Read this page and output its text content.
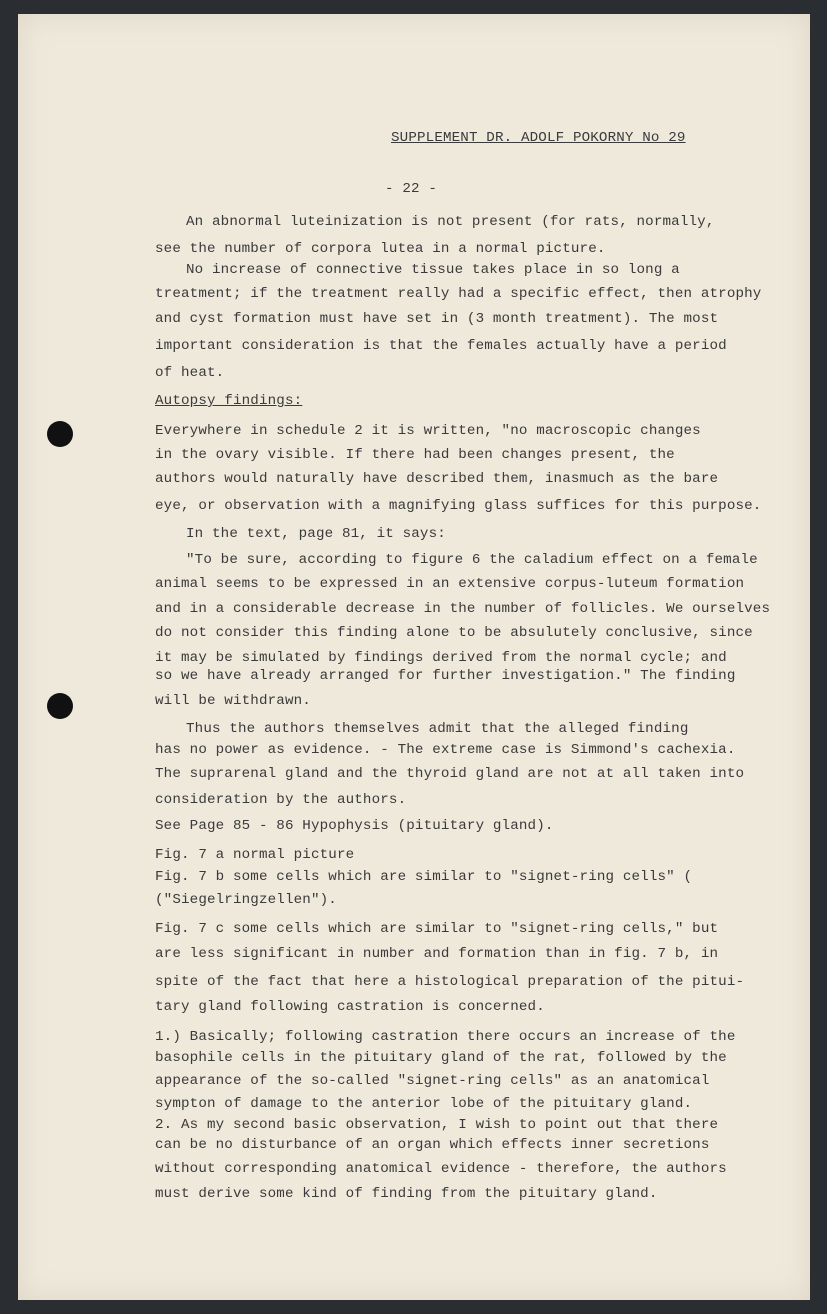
SUPPLEMENT DR. ADOLF POKORNY No 29
- 22 -
An abnormal luteinization is not present (for rats, normally,
see the number of corpora lutea in a normal picture.
No increase of connective tissue takes place in so long a
treatment; if the treatment really had a specific effect, then atrophy
and cyst formation must have set in (3 month treatment). The most
important consideration is that the females actually have a period
of heat.
Autopsy findings:
Everywhere in schedule 2 it is written, "no macroscopic changes
in the ovary visible. If there had been changes present, the
authors would naturally have described them, inasmuch as the bare
eye, or observation with a magnifying glass suffices for this purpose.
In the text, page 81, it says:
"To be sure, according to figure 6 the caladium effect on a female
animal seems to be expressed in an extensive corpus-luteum formation
and in a considerable decrease in the number of follicles. We ourselves
do not consider this finding alone to be absulutely conclusive, since
it may be simulated by findings derived from the normal cycle; and
so we have already arranged for further investigation." The finding
will be withdrawn.
Thus the authors themselves admit that the alleged finding
has no power as evidence. - The extreme case is Simmond's cachexia.
The suprarenal gland and the thyroid gland are not at all taken into
consideration by the authors.
See Page 85 - 86 Hypophysis (pituitary gland).
Fig. 7 a normal picture
Fig. 7 b some cells which are similar to "signet-ring cells" (
("Siegelringzellen").
Fig. 7 c some cells which are similar to "signet-ring cells," but
are less significant in number and formation than in fig. 7 b, in
spite of the fact that here a histological preparation of the pitui-
tary gland following castration is concerned.
1.) Basically; following castration there occurs an increase of the
basophile cells in the pituitary gland of the rat, followed by the
appearance of the so-called "signet-ring cells" as an anatomical
sympton of damage to the anterior lobe of the pituitary gland.
2. As my second basic observation, I wish to point out that there
can be no disturbance of an organ which effects inner secretions
without corresponding anatomical evidence - therefore, the authors
must derive some kind of finding from the pituitary gland.
